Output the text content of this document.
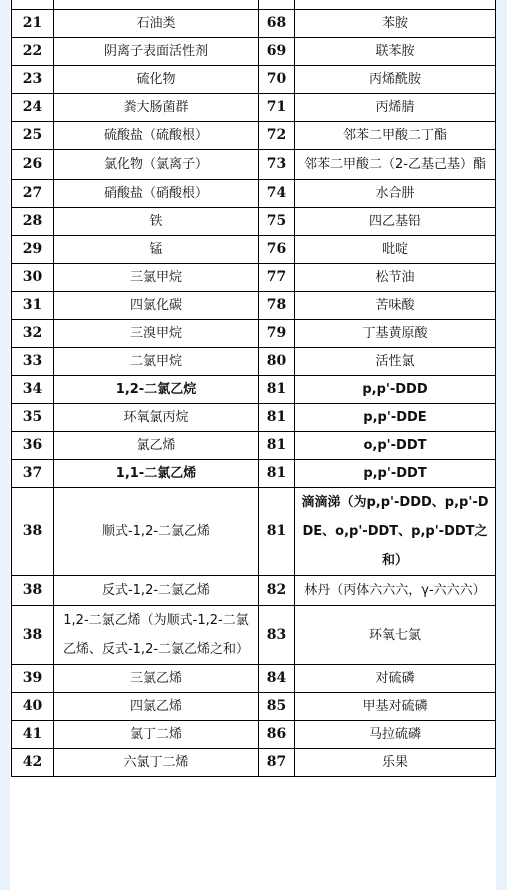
21	石油类	68	苯胺
22	阴离子表面活性剂	69	联苯胺
23	硫化物	70	丙烯酰胺
24	粪大肠菌群	71	丙烯腈
25	硫酸盐（硫酸根）	72	邻苯二甲酸二丁酯
26	氯化物（氯离子）	73	邻苯二甲酸二（2-乙基己基）酯
27	硝酸盐（硝酸根）	74	水合肼
28	铁	75	四乙基铅
29	锰	76	吡啶
30	三氯甲烷	77	松节油
31	四氯化碳	78	苦味酸
32	三溴甲烷	79	丁基黄原酸
33	二氯甲烷	80	活性氯
34	1,2-二氯乙烷	81	p,p'-DDD
35	环氧氯丙烷	81	p,p'-DDE
36	氯乙烯	81	o,p'-DDT
37	1,1-二氯乙烯	81	p,p'-DDT
38	顺式-1,2-二氯乙烯	81	滴滴涕（为p,p'-DDD、p,p'-DDE、o,p'-DDT、p,p'-DDT之和）
38	反式-1,2-二氯乙烯	82	林丹（丙体六六六，γ-六六六）
38	1,2-二氯乙烯（为顺式-1,2-二氯乙烯、反式-1,2-二氯乙烯之和）	83	环氧七氯
39	三氯乙烯	84	对硫磷
40	四氯乙烯	85	甲基对硫磷
41	氯丁二烯	86	马拉硫磷
42	六氯丁二烯	87	乐果
